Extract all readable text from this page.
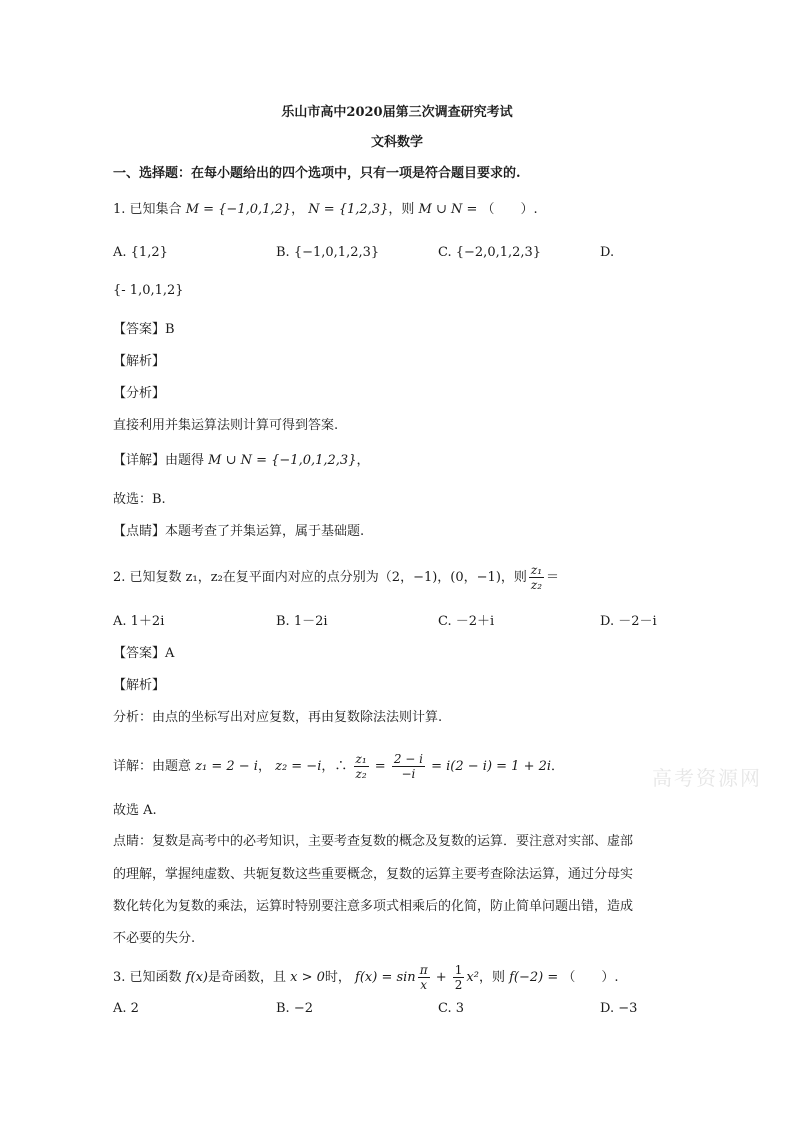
乐山市高中2020届第三次调查研究考试
文科数学
一、选择题：在每小题给出的四个选项中，只有一项是符合题目要求的.
1. 已知集合 M = {−1,0,1,2}， N = {1,2,3}，则 M ∪ N = （　　）.
A. {1,2}	B. {−1,0,1,2,3}	C. {−2,0,1,2,3}	D.
{- 1,0,1,2}
【答案】B
【解析】
【分析】
直接利用并集运算法则计算可得到答案.
【详解】由题得 M ∪ N = {−1,0,1,2,3}，
故选：B.
【点睛】本题考查了并集运算，属于基础题.
2. 已知复数 z₁，z₂在复平面内对应的点分别为（2，−1)，(0，−1)，则 $\frac{\text{z₁}}{\text{z₂}}$ ＝
A. 1＋2i	B. 1－2i	C. －2＋i	D. －2－i
【答案】A
【解析】
分析：由点的坐标写出对应复数，再由复数除法法则计算.
详解：由题意 z₁ = 2 − i， z₂ = −i，∴ $\frac{\text{z₁}}{\text{z₂}} = \frac{2 - i}{-i} = i(2 - i) = 1 + 2i$．
故选 A.
点睛：复数是高考中的必考知识，主要考查复数的概念及复数的运算．要注意对实部、虚部
的理解，掌握纯虚数、共轭复数这些重要概念，复数的运算主要考查除法运算，通过分母实
数化转化为复数的乘法，运算时特别要注意多项式相乘后的化简，防止简单问题出错，造成
不必要的失分.
3. 已知函数 f(x)是奇函数，且 x > 0时， $f(x) = \sin \frac{\pi}{x} + \frac{1}{2} x^2$，则 f(−2) = （　　）.
A. 2	B. −2	C. 3	D. −3
高考资源网
